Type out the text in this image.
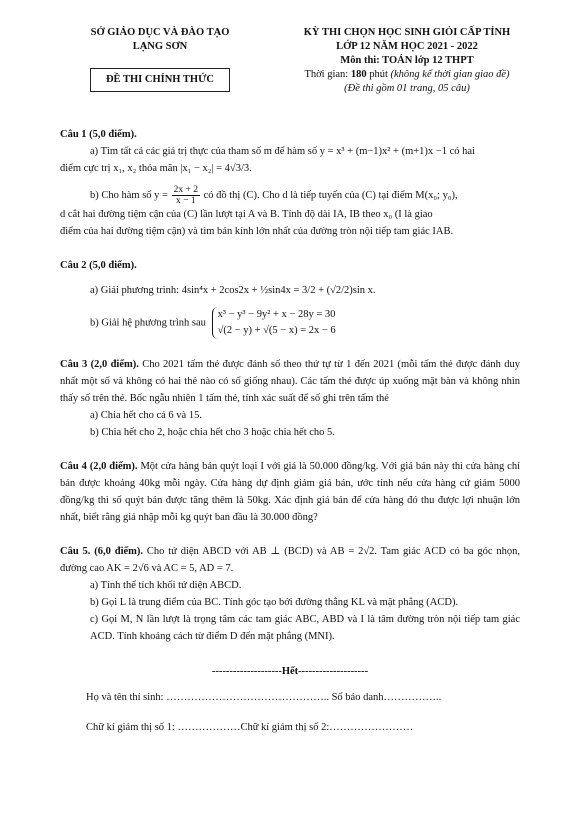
SỞ GIÁO DỤC VÀ ĐÀO TẠO
LẠNG SƠN
ĐỀ THI CHÍNH THỨC
KỲ THI CHỌN HỌC SINH GIỎI CẤP TỈNH
LỚP 12 NĂM HỌC 2021 - 2022
Môn thi: TOÁN lớp 12 THPT
Thời gian: 180 phút (không kể thời gian giao đề)
(Đề thi gồm 01 trang, 05 câu)
Câu 1 (5,0 điểm).
a) Tìm tất cả các giá trị thực của tham số m để hàm số y = x³ + (m−1)x² + (m+1)x −1 có hai
điểm cực trị x₁, x₂ thỏa mãn |x₁ − x₂| = 4√3/3.
b) Cho hàm số $y = \frac{2x + 2}{x - 1}$ có đồ thị (C). Cho d là tiếp tuyến của (C) tại điểm M(x₀; y₀),
d cắt hai đường tiệm cận của (C) lần lượt tại A và B. Tính độ dài IA, IB theo x₀ (I là giao
điểm của hai đường tiệm cận) và tìm bán kính lớn nhất của đường tròn nội tiếp tam giác IAB.
Câu 2 (5,0 điểm).
a) Giải phương trình: 4sin⁴x + 2cos2x + ½sin4x = 3/2 + (√2/2)sin x.
b) Giải hệ phương trình sau
x³ − y³ − 9y² + x − 28y = 30
√(2 − y) + √(5 − x) = 2x − 6
Câu 3 (2,0 điểm). Cho 2021 tấm thẻ được đánh số theo thứ tự từ 1 đến 2021 (mỗi tấm thẻ được đánh duy nhất một số và không có hai thẻ nào có số giống nhau). Các tấm thẻ được úp xuống mặt bàn và không nhìn thấy số trên thẻ. Bốc ngẫu nhiên 1 tấm thẻ, tính xác suất để số ghi trên tấm thẻ
a) Chia hết cho cả 6 và 15.
b) Chia hết cho 2, hoặc chia hết cho 3 hoặc chia hết cho 5.
Câu 4 (2,0 điểm). Một cửa hàng bán quýt loại I với giá là 50.000 đồng/kg. Với giá bán này thì cửa hàng chỉ bán được khoảng 40kg mỗi ngày. Cửa hàng dự định giảm giá bán, ước tính nếu cửa hàng cứ giảm 5000 đồng/kg thì số quýt bán được tăng thêm là 50kg. Xác định giá bán để cửa hàng đó thu được lợi nhuận lớn nhất, biết rằng giá nhập mỗi kg quýt ban đầu là 30.000 đồng?
Câu 5. (6,0 điểm). Cho tứ diện ABCD với AB ⊥ (BCD) và AB = 2√2. Tam giác ACD có ba góc nhọn, đường cao AK = 2√6 và AC = 5, AD = 7.
a) Tính thể tích khối tứ diện ABCD.
b) Gọi L là trung điểm của BC. Tính góc tạo bởi đường thẳng KL và mặt phẳng (ACD).
c) Gọi M, N lần lượt là trọng tâm các tam giác ABC, ABD và I là tâm đường tròn nội tiếp tam giác ACD. Tính khoảng cách từ điểm D đến mặt phẳng (MNI).
--------------------Hết--------------------
Họ và tên thí sinh: ……………………………………….. Số báo danh……………..
Chữ kí giám thị số 1: ………………Chữ kí giám thị số 2:……………………
